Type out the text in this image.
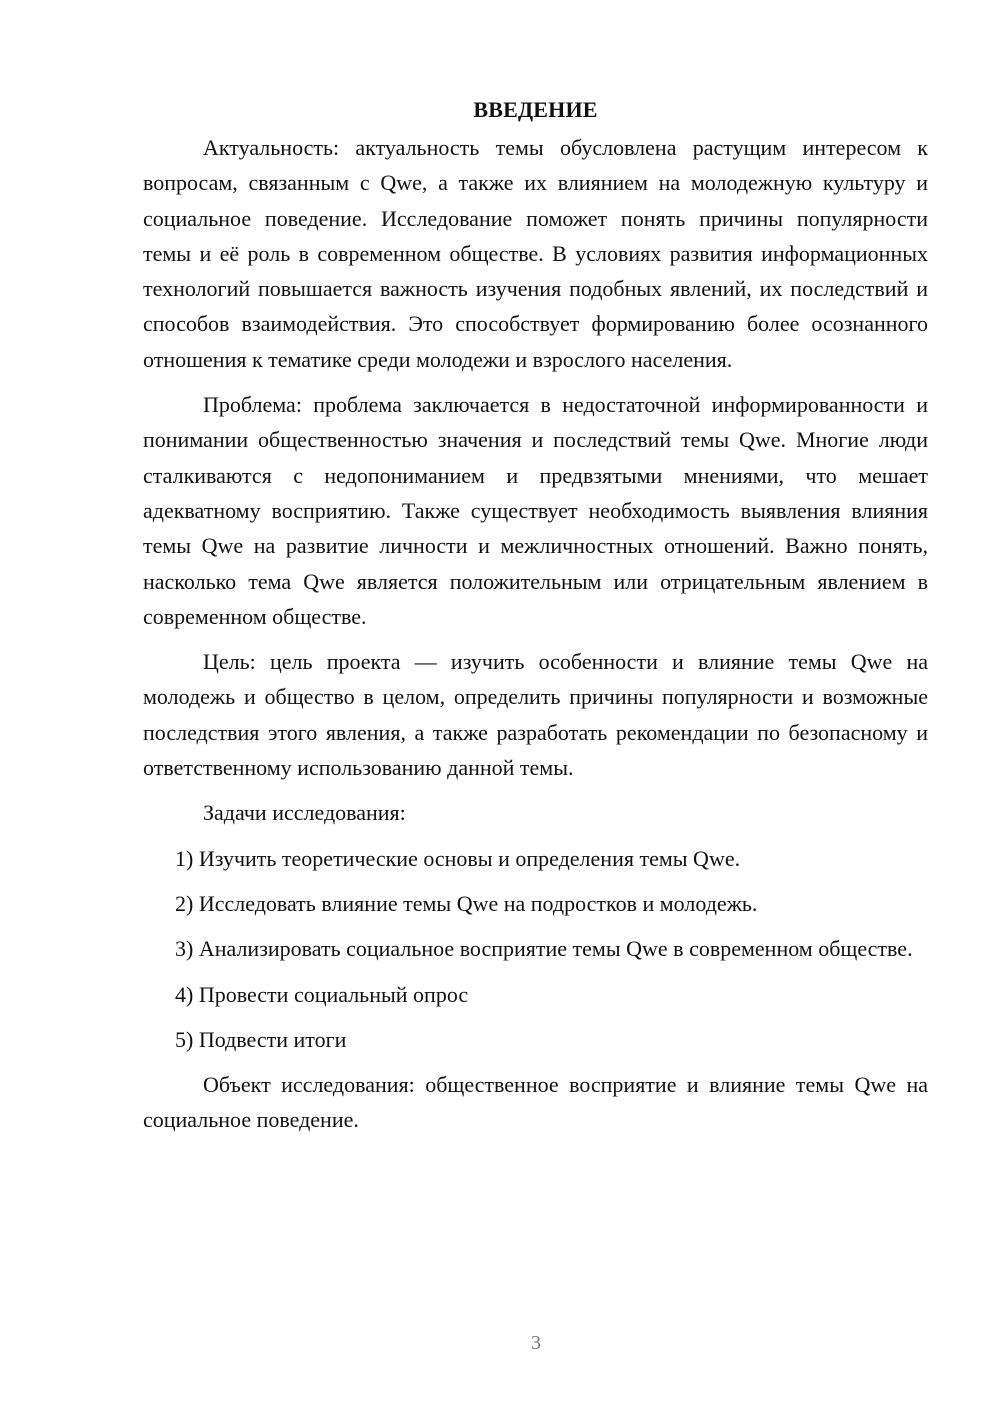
ВВЕДЕНИЕ

Актуальность: актуальность темы обусловлена растущим интересом к вопросам, связанным с Qwe, а также их влиянием на молодежную культуру и социальное поведение. Исследование поможет понять причины популярности темы и её роль в современном обществе. В условиях развития информационных технологий повышается важность изучения подобных явлений, их последствий и способов взаимодействия. Это способствует формированию более осознанного отношения к тематике среди молодежи и взрослого населения.

Проблема: проблема заключается в недостаточной информированности и понимании общественностью значения и последствий темы Qwe. Многие люди сталкиваются с недопониманием и предвзятыми мнениями, что мешает адекватному восприятию. Также существует необходимость выявления влияния темы Qwe на развитие личности и межличностных отношений. Важно понять, насколько тема Qwe является положительным или отрицательным явлением в современном обществе.

Цель: цель проекта — изучить особенности и влияние темы Qwe на молодежь и общество в целом, определить причины популярности и возможные последствия этого явления, а также разработать рекомендации по безопасному и ответственному использованию данной темы.

Задачи исследования:

1) Изучить теоретические основы и определения темы Qwe.

2) Исследовать влияние темы Qwe на подростков и молодежь.

3) Анализировать социальное восприятие темы Qwe в современном обществе.

4) Провести социальный опрос

5) Подвести итоги

Объект исследования: общественное восприятие и влияние темы Qwe на социальное поведение.

3
